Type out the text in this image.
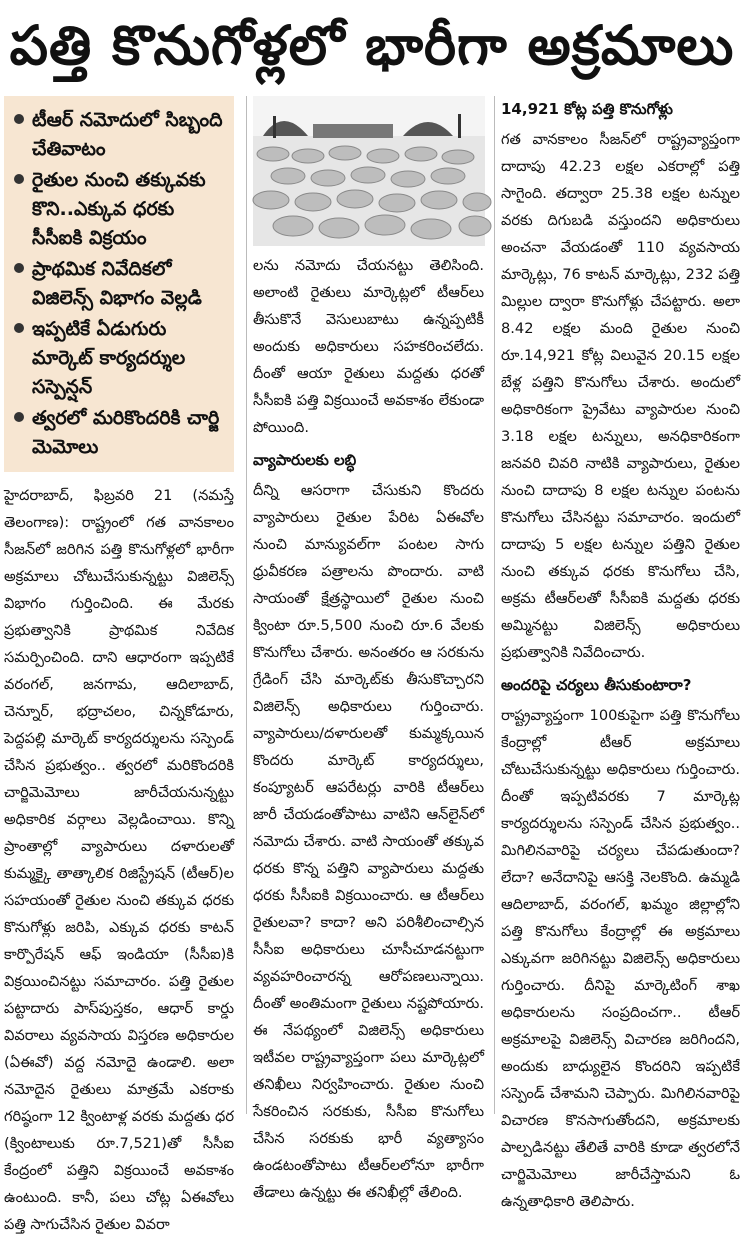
పత్తి కొనుగోళ్లలో భారీగా అక్రమాలు
టీఆర్ నమోదులో సిబ్బంది చేతివాటం
రైతుల నుంచి తక్కువకు కొని..ఎక్కువ ధరకు సీసీఐకి విక్రయం
ప్రాథమిక నివేదికలో విజిలెన్స్ విభాగం వెల్లడి
ఇప్పటికే ఏడుగురు మార్కెట్ కార్యదర్శుల సస్పెన్షన్
త్వరలో మరికొందరికి చార్జి మెమోలు

హైదరాబాద్, ఫిబ్రవరి 21 (నమస్తే తెలంగాణ): రాష్ట్రంలో గత వానకాలం సీజన్‌లో జరిగిన పత్తి కొనుగోళ్లలో భారీగా అక్రమాలు చోటుచేసుకున్నట్టు విజిలెన్స్ విభాగం గుర్తించింది. ఈ మేరకు ప్రభుత్వానికి ప్రాథమిక నివేదిక సమర్పించింది. దాని ఆధారంగా ఇప్పటికే వరంగల్, జనగామ, ఆదిలాబాద్, చెన్నూర్, భద్రాచలం, చిన్నకోడూరు, పెద్దపల్లి మార్కెట్ కార్యదర్శులను సస్పెండ్ చేసిన ప్రభుత్వం.. త్వరలో మరికొందరికి చార్జిమెమోలు జారీచేయనున్నట్టు అధికారిక వర్గాలు వెల్లడించాయి. కొన్ని ప్రాంతాల్లో వ్యాపారులు దళారులతో కుమ్మక్కై తాత్కాలిక రిజిస్ట్రేషన్ (టీఆర్)ల సహయంతో రైతుల నుంచి తక్కువ ధరకు కొనుగోళ్లు జరిపి, ఎక్కువ ధరకు కాటన్ కార్పొరేషన్ ఆఫ్ ఇండియా (సీసీఐ)కి విక్రయించినట్టు సమాచారం. పత్తి రైతుల పట్టాదారు పాస్‌పుస్తకం, ఆధార్ కార్డు వివరాలు వ్యవసాయ విస్తరణ అధికారుల (ఏఈవో) వద్ద నమోదై ఉండాలి. అలా నమోదైన రైతులు మాత్రమే ఎకరాకు గరిష్ఠంగా 12 క్వింటాళ్ల వరకు మద్దతు ధర (క్వింటాలుకు రూ.7,521)తో సీసీఐ కేంద్రంలో పత్తిని విక్రయించే అవకాశం ఉంటుంది. కానీ, పలు చోట్ల ఏఈవోలు పత్తి సాగుచేసిన రైతుల వివరా

లను నమోదు చేయనట్టు తెలిసింది. అలాంటి రైతులు మార్కెట్లలో టీఆర్‌లు తీసుకొనే వెసులుబాటు ఉన్నప్పటికీ అందుకు అధికారులు సహకరించలేదు. దీంతో ఆయా రైతులు మద్దతు ధరతో సీసీఐకి పత్తి విక్రయించే అవకాశం లేకుండా పోయింది.

వ్యాపారులకు లబ్ధి

దీన్ని ఆసరాగా చేసుకుని కొందరు వ్యాపారులు రైతుల పేరిట ఏఈవోల నుంచి మాన్యువల్‌గా పంటల సాగు ధ్రువీకరణ పత్రాలను పొందారు. వాటి సాయంతో క్షేత్రస్థాయిలో రైతుల నుంచి క్వింటా రూ.5,500 నుంచి రూ.6 వేలకు కొనుగోలు చేశారు. అనంతరం ఆ సరకును గ్రేడింగ్ చేసి మార్కెట్‌కు తీసుకొచ్చారని విజిలెన్స్ అధికారులు గుర్తించారు. వ్యాపారులు/దళారులతో కుమ్మక్కయిన కొందరు మార్కెట్ కార్యదర్శులు, కంప్యూటర్ ఆపరేటర్లు వారికి టీఆర్‌లు జారీ చేయడంతోపాటు వాటిని ఆన్‌లైన్‌లో నమోదు చేశారు. వాటి సాయంతో తక్కువ ధరకు కొన్న పత్తిని వ్యాపారులు మద్దతు ధరకు సీసీఐకి విక్రయించారు. ఆ టీఆర్‌లు రైతులవా? కాదా? అని పరిశీలించాల్సిన సీసీఐ అధికారులు చూసీచూడనట్టుగా వ్యవహరించారన్న ఆరోపణలున్నాయి. దీంతో అంతిమంగా రైతులు నష్టపోయారు. ఈ నేపథ్యంలో విజిలెన్స్ అధికారులు ఇటీవల రాష్ట్రవ్యాప్తంగా పలు మార్కెట్లలో తనిఖీలు నిర్వహించారు. రైతుల నుంచి సేకరించిన సరకుకు, సీసీఐ కొనుగోలు చేసిన సరకుకు భారీ వ్యత్యాసం ఉండటంతోపాటు టీఆర్‌లలోనూ భారీగా తేడాలు ఉన్నట్టు ఈ తనిఖీల్లో తేలింది.

14,921 కోట్ల పత్తి కొనుగోళ్లు

గత వానకాలం సీజన్‌లో రాష్ట్రవ్యాప్తంగా దాదాపు 42.23 లక్షల ఎకరాల్లో పత్తి సాగైంది. తద్వారా 25.38 లక్షల టన్నుల వరకు దిగుబడి వస్తుందని అధికారులు అంచనా వేయడంతో 110 వ్యవసాయ మార్కెట్లు, 76 కాటన్ మార్కెట్లు, 232 పత్తి మిల్లుల ద్వారా కొనుగోళ్లు చేపట్టారు. అలా 8.42 లక్షల మంది రైతుల నుంచి రూ.14,921 కోట్ల విలువైన 20.15 లక్షల బేళ్ల పత్తిని కొనుగోలు చేశారు. అందులో అధికారికంగా ప్రైవేటు వ్యాపారుల నుంచి 3.18 లక్షల టన్నులు, అనధికారికంగా జనవరి చివరి నాటికి వ్యాపారులు, రైతుల నుంచి దాదాపు 8 లక్షల టన్నుల పంటను కొనుగోలు చేసినట్టు సమాచారం. ఇందులో దాదాపు 5 లక్షల టన్నుల పత్తిని రైతుల నుంచి తక్కువ ధరకు కొనుగోలు చేసి, అక్రమ టీఆర్‌లతో సీసీఐకి మద్దతు ధరకు అమ్మినట్టు విజిలెన్స్ అధికారులు ప్రభుత్వానికి నివేదించారు.

అందరిపై చర్యలు తీసుకుంటారా?

రాష్ట్రవ్యాప్తంగా 100కుపైగా పత్తి కొనుగోలు కేంద్రాల్లో టీఆర్ అక్రమాలు చోటుచేసుకున్నట్టు అధికారులు గుర్తించారు. దీంతో ఇప్పటివరకు 7 మార్కెట్ల కార్యదర్శులను సస్పెండ్ చేసిన ప్రభుత్వం.. మిగిలినవారిపై చర్యలు చేపడుతుందా? లేదా? అనేదానిపై ఆసక్తి నెలకొంది. ఉమ్మడి ఆదిలాబాద్, వరంగల్, ఖమ్మం జిల్లాల్లోని పత్తి కొనుగోలు కేంద్రాల్లో ఈ అక్రమాలు ఎక్కువగా జరిగినట్టు విజిలెన్స్ అధికారులు గుర్తించారు. దీనిపై మార్కెటింగ్ శాఖ అధికారులను సంప్రదించగా.. టీఆర్ అక్రమాలపై విజిలెన్స్ విచారణ జరిగిందని, అందుకు బాధ్యులైన కొందరిని ఇప్పటికే సస్పెండ్ చేశామని చెప్పారు. మిగిలినవారిపై విచారణ కొనసాగుతోందని, అక్రమాలకు పాల్పడినట్టు తేలితే వారికి కూడా త్వరలోనే చార్జిమెమోలు జారీచేస్తామని ఓ ఉన్నతాధికారి తెలిపారు.
